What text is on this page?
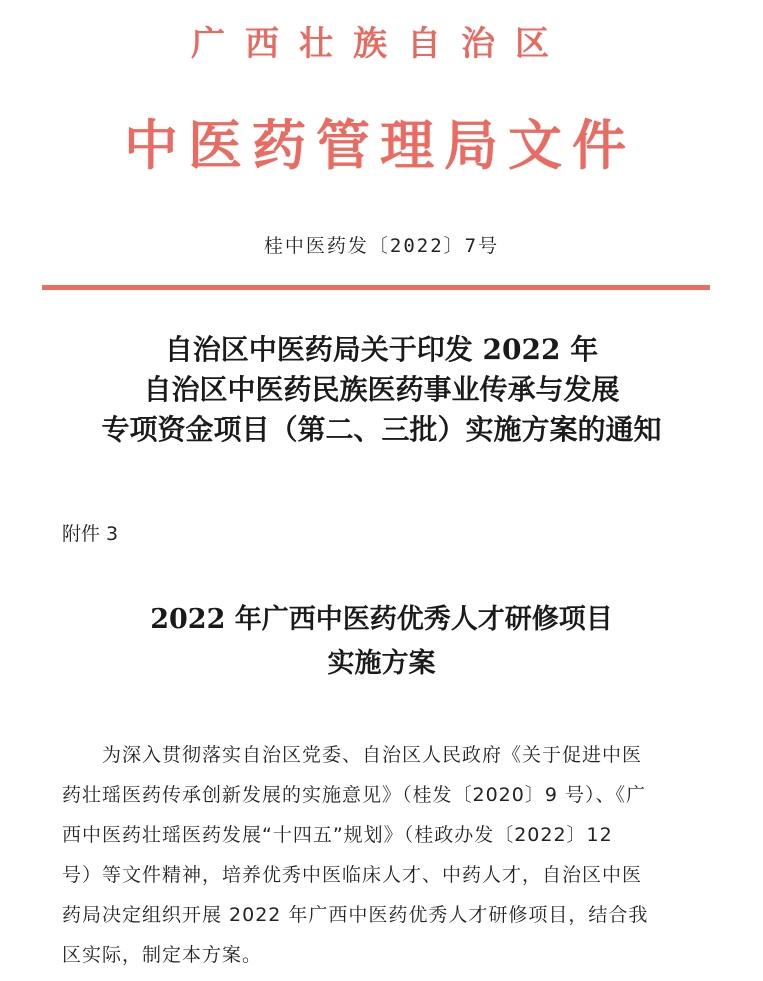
广西壮族自治区
中医药管理局文件
桂中医药发〔2022〕7号
自治区中医药局关于印发 2022 年
自治区中医药民族医药事业传承与发展
专项资金项目（第二、三批）实施方案的通知
附件 3
2022 年广西中医药优秀人才研修项目
实施方案
为深入贯彻落实自治区党委、自治区人民政府《关于促进中医
药壮瑶医药传承创新发展的实施意见》（桂发〔2020〕9 号）、《广
西中医药壮瑶医药发展“十四五”规划》（桂政办发〔2022〕12
号）等文件精神，培养优秀中医临床人才、中药人才，自治区中医
药局决定组织开展 2022 年广西中医药优秀人才研修项目，结合我
区实际，制定本方案。
